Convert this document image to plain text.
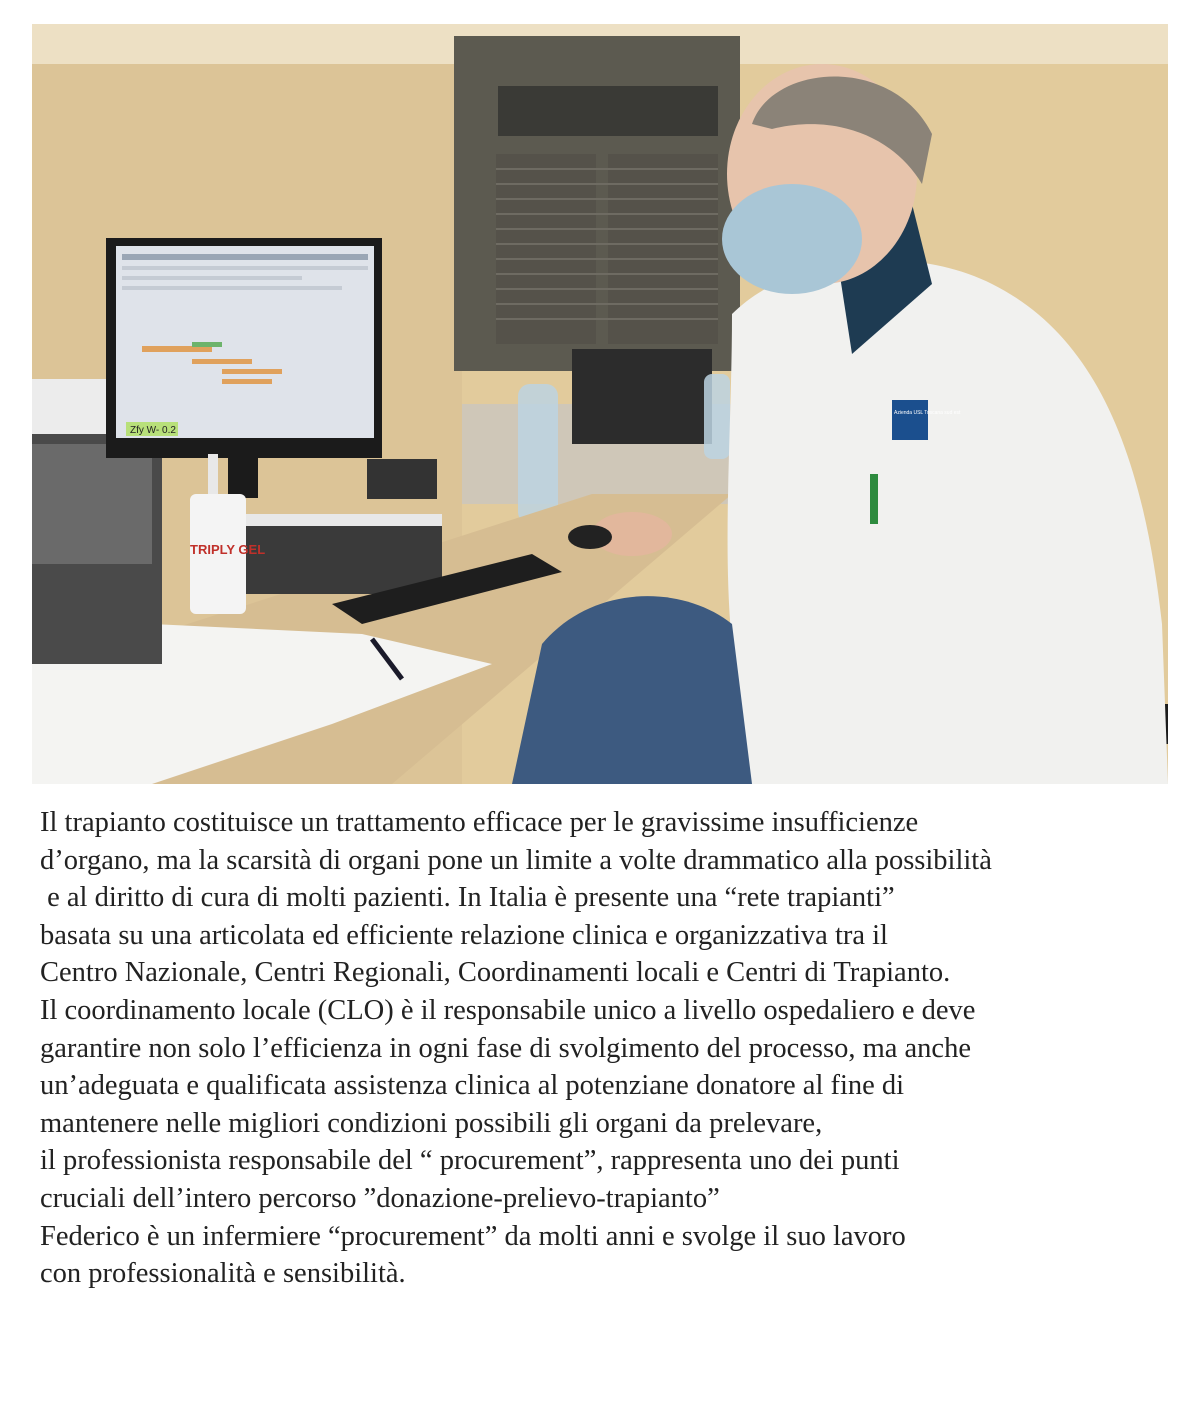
Zfy W- 0.2
TRIPLY GEL
Azienda USL Toscana sud est
Il trapianto costituisce un trattamento efficace per le gravissime insufficienze
d’organo, ma la scarsità di organi pone un limite a volte drammatico alla possibilità
e al diritto di cura di molti pazienti. In Italia è presente una “rete trapianti”
basata su una articolata ed efficiente relazione clinica e organizzativa tra il
Centro Nazionale, Centri Regionali, Coordinamenti locali e Centri di Trapianto.
Il coordinamento locale (CLO) è il responsabile unico a livello ospedaliero e deve
garantire non solo l’efficienza in ogni fase di svolgimento del processo, ma anche
un’adeguata e qualificata assistenza clinica al potenziane donatore al fine di
mantenere nelle migliori condizioni possibili gli organi da prelevare,
il professionista responsabile del “ procurement”, rappresenta uno dei punti
cruciali dell’intero percorso ”donazione-prelievo-trapianto”
Federico è un infermiere “procurement” da molti anni e svolge il suo lavoro
con professionalità e sensibilità.
